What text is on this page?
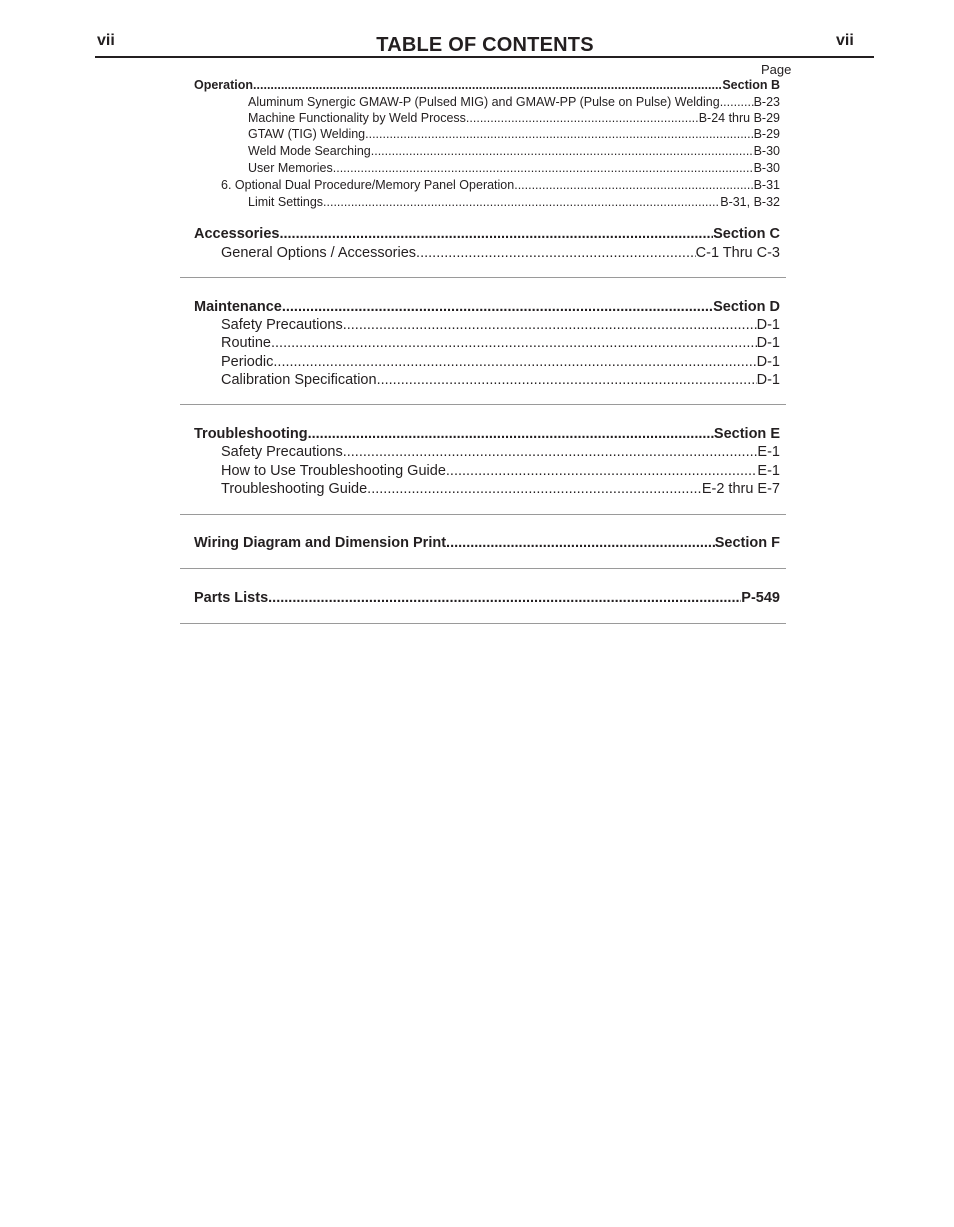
vii	TABLE OF CONTENTS	vii
Page
Operation .....	Section B
Aluminum Synergic GMAW-P (Pulsed MIG) and GMAW-PP (Pulse on Pulse) Welding .....	B-23
Machine Functionality by Weld Process .....	B-24 thru B-29
GTAW (TIG) Welding .....	B-29
Weld Mode Searching .....	B-30
User Memories .....	B-30
6. Optional Dual Procedure/Memory Panel Operation .....	B-31
Limit Settings .....	B-31, B-32
Accessories .....	Section C
General Options / Accessories .....	C-1 Thru C-3
Maintenance .....	Section D
Safety Precautions .....	D-1
Routine .....	D-1
Periodic .....	D-1
Calibration Specification .....	D-1
Troubleshooting .....	Section E
Safety Precautions .....	E-1
How to Use Troubleshooting Guide .....	E-1
Troubleshooting Guide .....	E-2 thru E-7
Wiring Diagram and Dimension Print .....	Section F
Parts Lists .....	P-549
